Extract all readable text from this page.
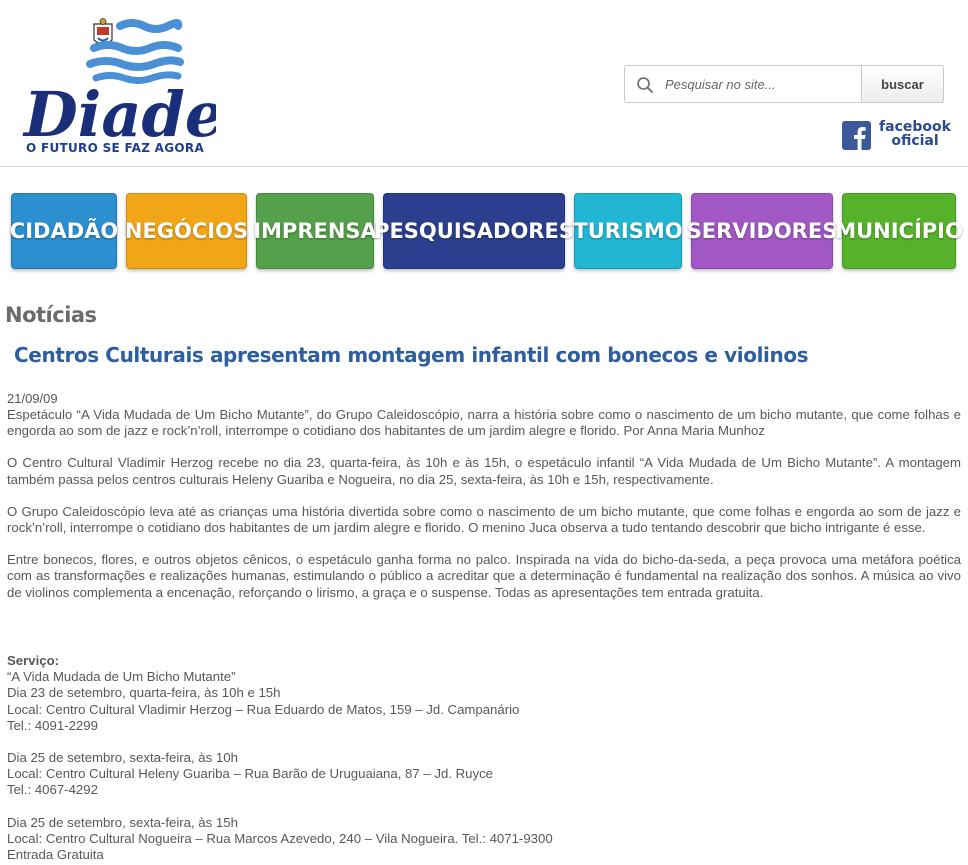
Diad
O FUTURO SE FAZ AGORA
Pesquisar no site...
buscar
facebook
oficial
CIDADÃO NEGÓCIOS IMPRENSA
PESQUISADORES TURISMO SERVIDORES
MUNICÍPIO
Notícias
Centros Culturais apresentam montagem infantil com bonecos e violinos
21/09/09

Espetáculo “A Vida Mudada de Um Bicho Mutante”, do Grupo Caleidoscópio, narra a história sobre como o nascimento de um bicho mutante, que come folhas e engorda ao som de jazz e rock’n’roll, interrompe o cotidiano dos habitantes de um jardim alegre e florido. Por Anna Maria Munhoz

O Centro Cultural Vladimir Herzog recebe no dia 23, quarta-feira, às 10h e às 15h, o espetáculo infantil “A Vida Mudada de Um Bicho Mutante”. A montagem também passa pelos centros culturais Heleny Guariba e Nogueira, no dia 25, sexta-feira, às 10h e 15h, respectivamente.

O Grupo Caleidoscópio leva até as crianças uma história divertida sobre como o nascimento de um bicho mutante, que come folhas e engorda ao som de jazz e rock’n’roll, interrompe o cotidiano dos habitantes de um jardim alegre e florido. O menino Juca observa a tudo tentando descobrir que bicho intrigante é esse.

Entre bonecos, flores, e outros objetos cênicos, o espetáculo ganha forma no palco. Inspirada na vida do bicho-da-seda, a peça provoca uma metáfora poética com as transformações e realizações humanas, estimulando o público a acreditar que a determinação é fundamental na realização dos sonhos. A música ao vivo de violinos complementa a encenação, reforçando o lirismo, a graça e o suspense. Todas as apresentações tem entrada gratuita.

Serviço:
“A Vida Mudada de Um Bicho Mutante”
Dia 23 de setembro, quarta-feira, às 10h e 15h
Local: Centro Cultural Vladimir Herzog – Rua Eduardo de Matos, 159 – Jd. Campanário
Tel.: 4091-2299
Dia 25 de setembro, sexta-feira, às 10h
Local: Centro Cultural Heleny Guariba – Rua Barão de Uruguaiana, 87 – Jd. Ruyce
Tel.: 4067-4292
Dia 25 de setembro, sexta-feira, às 15h
Local: Centro Cultural Nogueira – Rua Marcos Azevedo, 240 – Vila Nogueira. Tel.: 4071-9300
Entrada Gratuita
